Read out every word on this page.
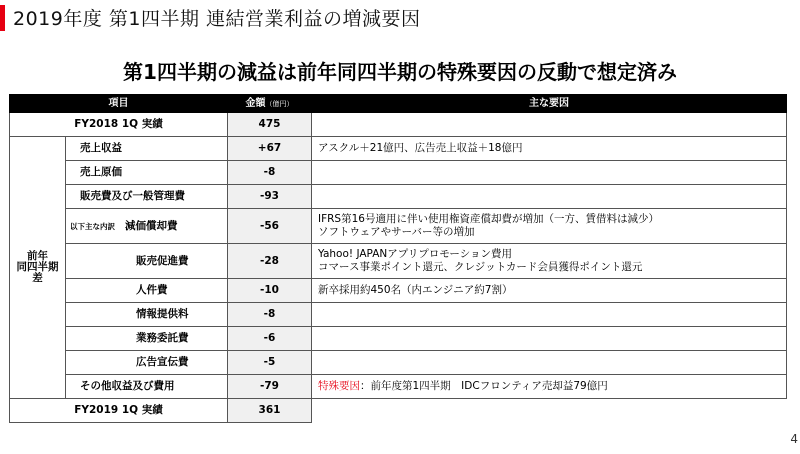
2019年度 第1四半期 連結営業利益の増減要因
第1四半期の減益は前年同四半期の特殊要因の反動で想定済み
項目		金額（億円）	主な要因
FY2018 1Q 実績		475	
前年
同四半期
差	売上収益	+67	アスクル＋21億円、広告売上収益＋18億円

	売上原価	-8	
	販売費及び一般管理費	-93	
	以下主な内訳 減価償却費	-56	IFRS第16号適用に伴い使用権資産償却費が増加（一方、賃借料は減少）
ソフトウェアやサーバー等の増加

	販売促進費	-28	Yahoo! JAPANアプリプロモーション費用
コマース事業ポイント還元、クレジットカード会員獲得ポイント還元

	人件費	-10	新卒採用約450名（内エンジニア約7割）

	情報提供料	-8	
	業務委託費	-6	
	広告宣伝費	-5	
	その他収益及び費用	-79	特殊要因：前年度第1四半期　IDCフロンティア売却益79億円
FY2019 1Q 実績		361	
4
